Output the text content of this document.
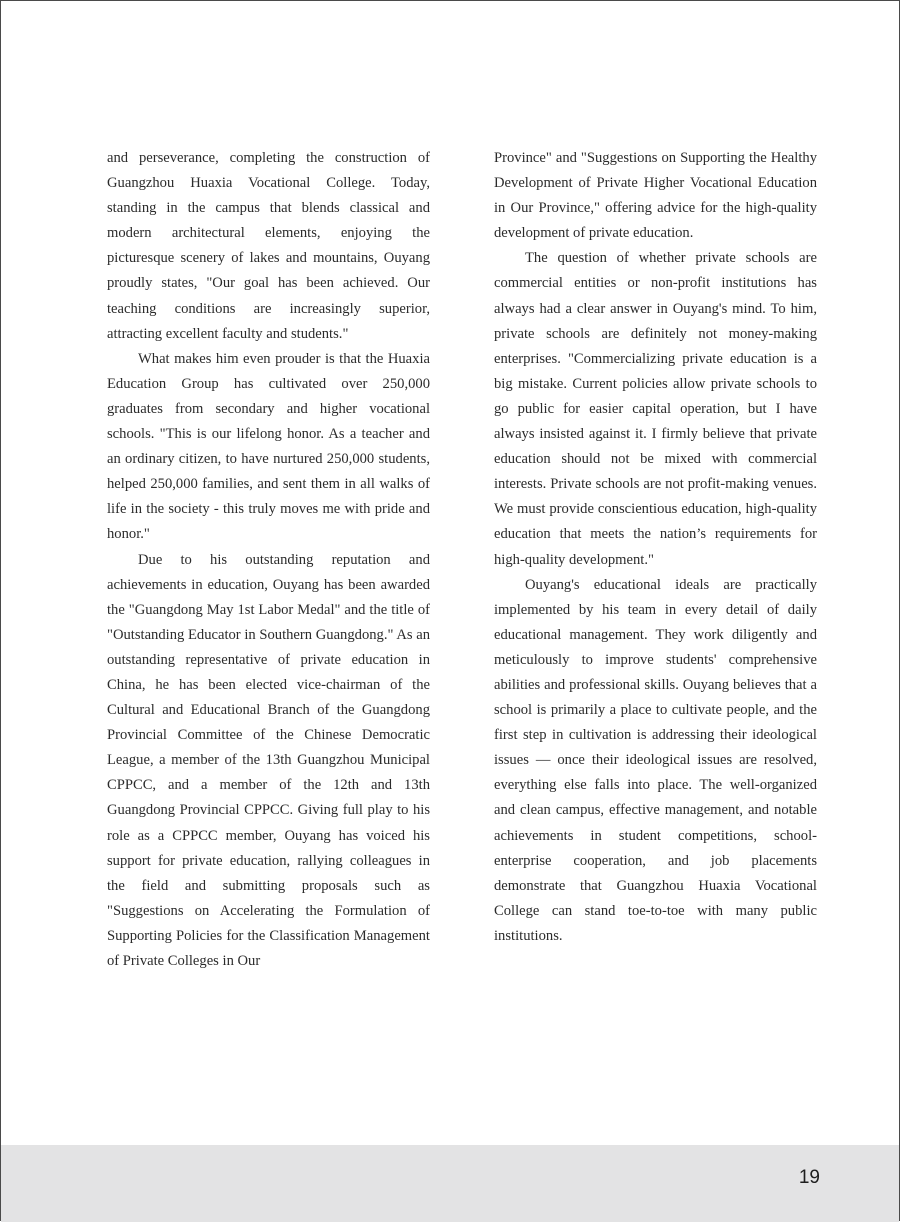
and perseverance, completing the construction of Guangzhou Huaxia Vocational College. Today, standing in the campus that blends classical and modern architectural elements, enjoying the picturesque scenery of lakes and mountains, Ouyang proudly states, "Our goal has been achieved. Our teaching conditions are increasingly superior, attracting excellent faculty and students."

What makes him even prouder is that the Huaxia Education Group has cultivated over 250,000 graduates from secondary and higher vocational schools. "This is our lifelong honor. As a teacher and an ordinary citizen, to have nurtured 250,000 students, helped 250,000 families, and sent them in all walks of life in the society - this truly moves me with pride and honor."

Due to his outstanding reputation and achievements in education, Ouyang has been awarded the "Guangdong May 1st Labor Medal" and the title of "Outstanding Educator in Southern Guangdong." As an outstanding representative of private education in China, he has been elected vice-chairman of the Cultural and Educational Branch of the Guangdong Provincial Committee of the Chinese Democratic League, a member of the 13th Guangzhou Municipal CPPCC, and a member of the 12th and 13th Guangdong Provincial CPPCC. Giving full play to his role as a CPPCC member, Ouyang has voiced his support for private education, rallying colleagues in the field and submitting proposals such as "Suggestions on Accelerating the Formulation of Supporting Policies for the Classification Management of Private Colleges in Our

Province" and "Suggestions on Supporting the Healthy Development of Private Higher Vocational Education in Our Province," offering advice for the high-quality development of private education.

The question of whether private schools are commercial entities or non-profit institutions has always had a clear answer in Ouyang's mind. To him, private schools are definitely not money-making enterprises. "Commercializing private education is a big mistake. Current policies allow private schools to go public for easier capital operation, but I have always insisted against it. I firmly believe that private education should not be mixed with commercial interests. Private schools are not profit-making venues. We must provide conscientious education, high-quality education that meets the nation’s requirements for high-quality development."

Ouyang's educational ideals are practically implemented by his team in every detail of daily educational management. They work diligently and meticulously to improve students' comprehensive abilities and professional skills. Ouyang believes that a school is primarily a place to cultivate people, and the first step in cultivation is addressing their ideological issues — once their ideological issues are resolved, everything else falls into place. The well-organized and clean campus, effective management, and notable achievements in student competitions, school-enterprise cooperation, and job placements demonstrate that Guangzhou Huaxia Vocational College can stand toe-to-toe with many public institutions.

19
